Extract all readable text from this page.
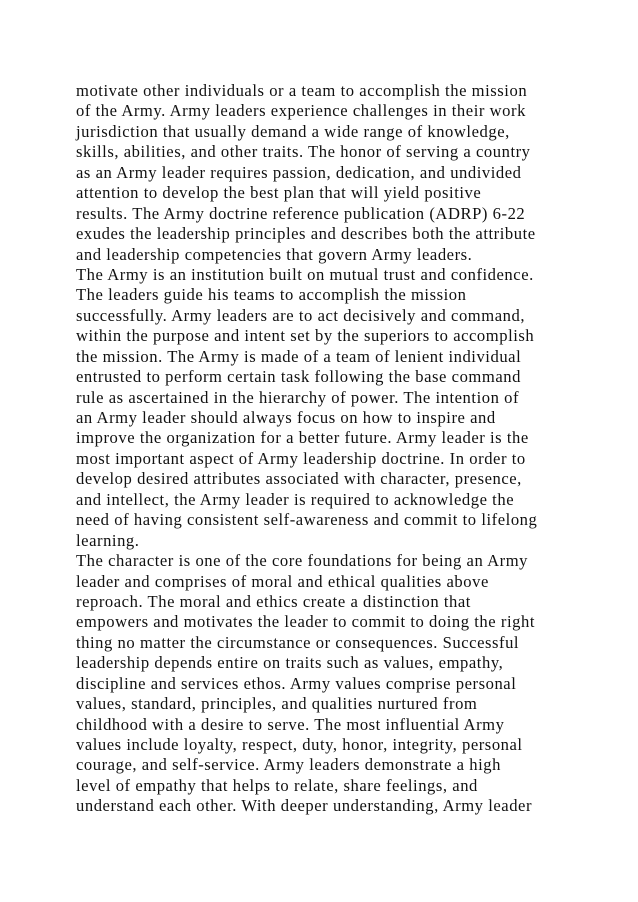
motivate other individuals or a team to accomplish the mission
of the Army. Army leaders experience challenges in their work
jurisdiction that usually demand a wide range of knowledge,
skills, abilities, and other traits. The honor of serving a country
as an Army leader requires passion, dedication, and undivided
attention to develop the best plan that will yield positive
results. The Army doctrine reference publication (ADRP) 6-22
exudes the leadership principles and describes both the attribute
and leadership competencies that govern Army leaders.
The Army is an institution built on mutual trust and confidence.
The leaders guide his teams to accomplish the mission
successfully. Army leaders are to act decisively and command,
within the purpose and intent set by the superiors to accomplish
the mission. The Army is made of a team of lenient individual
entrusted to perform certain task following the base command
rule as ascertained in the hierarchy of power. The intention of
an Army leader should always focus on how to inspire and
improve the organization for a better future. Army leader is the
most important aspect of Army leadership doctrine. In order to
develop desired attributes associated with character, presence,
and intellect, the Army leader is required to acknowledge the
need of having consistent self-awareness and commit to lifelong
learning.
The character is one of the core foundations for being an Army
leader and comprises of moral and ethical qualities above
reproach. The moral and ethics create a distinction that
empowers and motivates the leader to commit to doing the right
thing no matter the circumstance or consequences. Successful
leadership depends entire on traits such as values, empathy,
discipline and services ethos. Army values comprise personal
values, standard, principles, and qualities nurtured from
childhood with a desire to serve. The most influential Army
values include loyalty, respect, duty, honor, integrity, personal
courage, and self-service. Army leaders demonstrate a high
level of empathy that helps to relate, share feelings, and
understand each other. With deeper understanding, Army leader
